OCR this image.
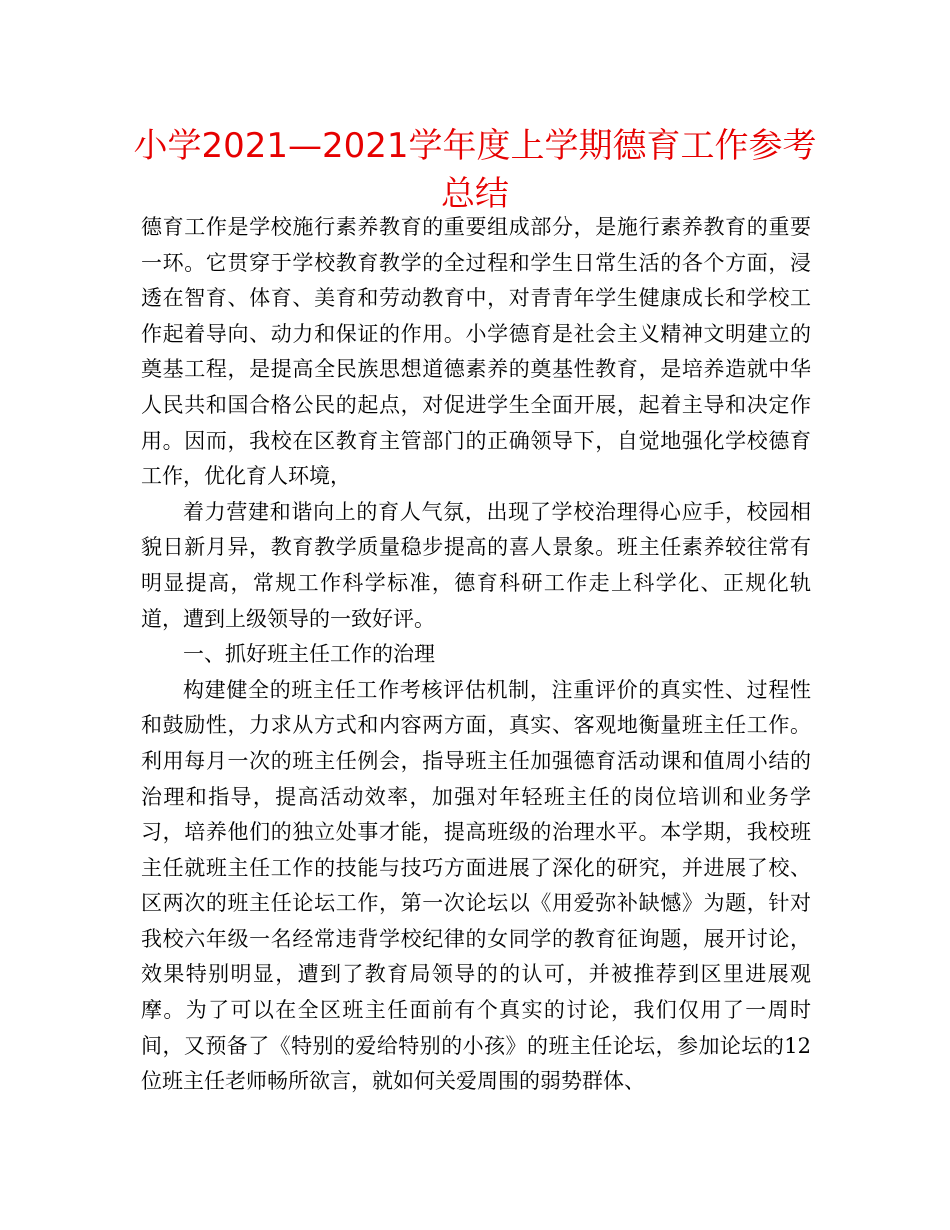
小学2021—2021学年度上学期德育工作参考总结

德育工作是学校施行素养教育的重要组成部分，是施行素养教育的重要一环。它贯穿于学校教育教学的全过程和学生日常生活的各个方面，浸透在智育、体育、美育和劳动教育中，对青青年学生健康成长和学校工作起着导向、动力和保证的作用。小学德育是社会主义精神文明建立的奠基工程，是提高全民族思想道德素养的奠基性教育，是培养造就中华人民共和国合格公民的起点，对促进学生全面开展，起着主导和决定作用。因而，我校在区教育主管部门的正确领导下，自觉地强化学校德育工作，优化育人环境，

着力营建和谐向上的育人气氛，出现了学校治理得心应手，校园相貌日新月异，教育教学质量稳步提高的喜人景象。班主任素养较往常有明显提高，常规工作科学标准，德育科研工作走上科学化、正规化轨道，遭到上级领导的一致好评。

一、抓好班主任工作的治理

构建健全的班主任工作考核评估机制，注重评价的真实性、过程性和鼓励性，力求从方式和内容两方面，真实、客观地衡量班主任工作。利用每月一次的班主任例会，指导班主任加强德育活动课和值周小结的治理和指导，提高活动效率，加强对年轻班主任的岗位培训和业务学习，培养他们的独立处事才能，提高班级的治理水平。本学期，我校班主任就班主任工作的技能与技巧方面进展了深化的研究，并进展了校、区两次的班主任论坛工作，第一次论坛以《用爱弥补缺憾》为题，针对我校六年级一名经常违背学校纪律的女同学的教育征询题，展开讨论，效果特别明显，遭到了教育局领导的的认可，并被推荐到区里进展观摩。为了可以在全区班主任面前有个真实的讨论，我们仅用了一周时间，又预备了《特别的爱给特别的小孩》的班主任论坛，参加论坛的12位班主任老师畅所欲言，就如何关爱周围的弱势群体、
